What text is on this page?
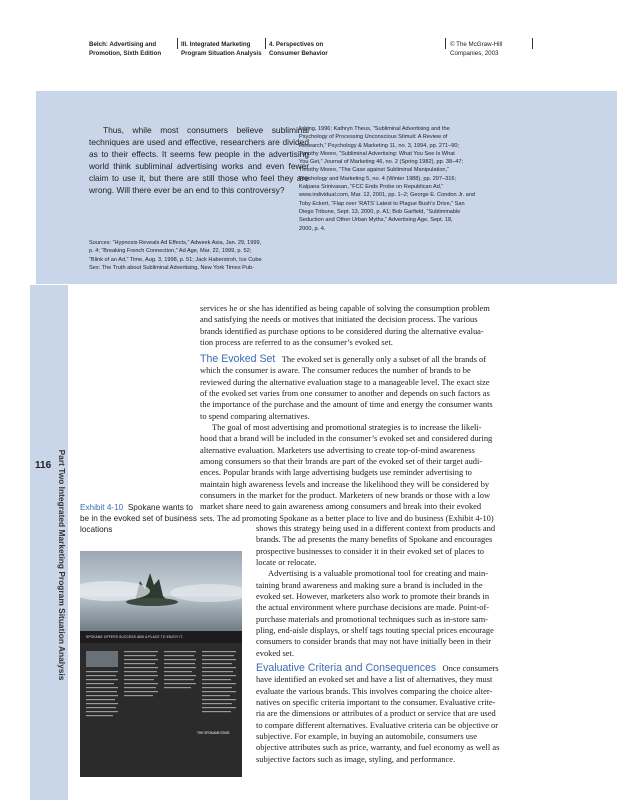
Belch: Advertising and
Promotion, Sixth Edition
III. Integrated Marketing
Program Situation Analysis
4. Perspectives on
Consumer Behavior
© The McGraw-Hill
Companies, 2003

Thus, while most consumers believe subliminal techniques are used and effective, researchers are divided as to their effects. It seems few people in the advertising world think subliminal advertising works and even fewer claim to use it, but there are still those who feel they are wrong. Will there ever be an end to this controversy?

Sources: “Hypnosis Reveals Ad Effects,” Adweek Asia, Jan. 29, 1999,
p. 4; “Breaking French Connection,” Ad Age, Mar. 22, 1999, p. 52;
“Blink of an Ad,” Time, Aug. 3, 1998, p. 51; Jack Haberstroh, Ice Cube
Sex: The Truth about Subliminal Advertising, New York Times Pub-
lishing, 1996; Kathryn Theus, “Subliminal Advertising and the
Psychology of Processing Unconscious Stimuli: A Review of
Research,” Psychology & Marketing 11, no. 3, 1994, pp. 271–90;
Timothy Moore, “Subliminal Advertising: What You See Is What
You Get,” Journal of Marketing 46, no. 2 (Spring 1982), pp. 38–47;
Timothy Moore, “The Case against Subliminal Manipulation,”
Psychology and Marketing 5, no. 4 (Winter 1988), pp. 297–316;
Kalpana Srinivasan, “FCC Ends Probe on Republican Ad,”
www.individual.com, Mar. 12, 2001, pp. 1–2; George E. Condon Jr. and
Toby Eckert, “Flap over ‘RATS’ Latest to Plague Bush’s Drive,” San
Diego Tribune, Sept. 13, 2000, p. A1; Bob Garfield, “Subliminable
Seduction and Other Urban Myths,” Advertising Age, Sept. 18,
2000, p. 4.
116 Part Two Integrated Marketing Program Situation Analysis
services he or she has identified as being capable of solving the consumption problem
and satisfying the needs or motives that initiated the decision process. The various
brands identified as purchase options to be considered during the alternative evalua-
tion process are referred to as the consumer’s evoked set.
The Evoked Set The evoked set is generally only a subset of all the brands of
which the consumer is aware. The consumer reduces the number of brands to be
reviewed during the alternative evaluation stage to a manageable level. The exact size
of the evoked set varies from one consumer to another and depends on such factors as
the importance of the purchase and the amount of time and energy the consumer wants
to spend comparing alternatives.
The goal of most advertising and promotional strategies is to increase the likeli-
hood that a brand will be included in the consumer’s evoked set and considered during
alternative evaluation. Marketers use advertising to create top-of-mind awareness
among consumers so that their brands are part of the evoked set of their target audi-
ences. Popular brands with large advertising budgets use reminder advertising to
maintain high awareness levels and increase the likelihood they will be considered by
consumers in the market for the product. Marketers of new brands or those with a low
market share need to gain awareness among consumers and break into their evoked
sets. The ad promoting Spokane as a better place to live and do business (Exhibit 4-10)
shows this strategy being used in a different context from products and
brands. The ad presents the many benefits of Spokane and encourages
prospective businesses to consider it in their evoked set of places to
locate or relocate.
Advertising is a valuable promotional tool for creating and main-
taining brand awareness and making sure a brand is included in the
evoked set. However, marketers also work to promote their brands in
the actual environment where purchase decisions are made. Point-of-
purchase materials and promotional techniques such as in-store sam-
pling, end-aisle displays, or shelf tags touting special prices encourage
consumers to consider brands that may not have initially been in their
evoked set.
Evaluative Criteria and Consequences Once consumers
have identified an evoked set and have a list of alternatives, they must
evaluate the various brands. This involves comparing the choice alter-
natives on specific criteria important to the consumer. Evaluative crite-
ria are the dimensions or attributes of a product or service that are used
to compare different alternatives. Evaluative criteria can be objective or
subjective. For example, in buying an automobile, consumers use
objective attributes such as price, warranty, and fuel economy as well as
subjective factors such as image, styling, and performance.
Exhibit 4-10 Spokane wants to be in the evoked set of business locations
SPOKANE OFFERS SUCCESS AND A PLACE TO ENJOY IT.
THE SPOKANE EDGE
